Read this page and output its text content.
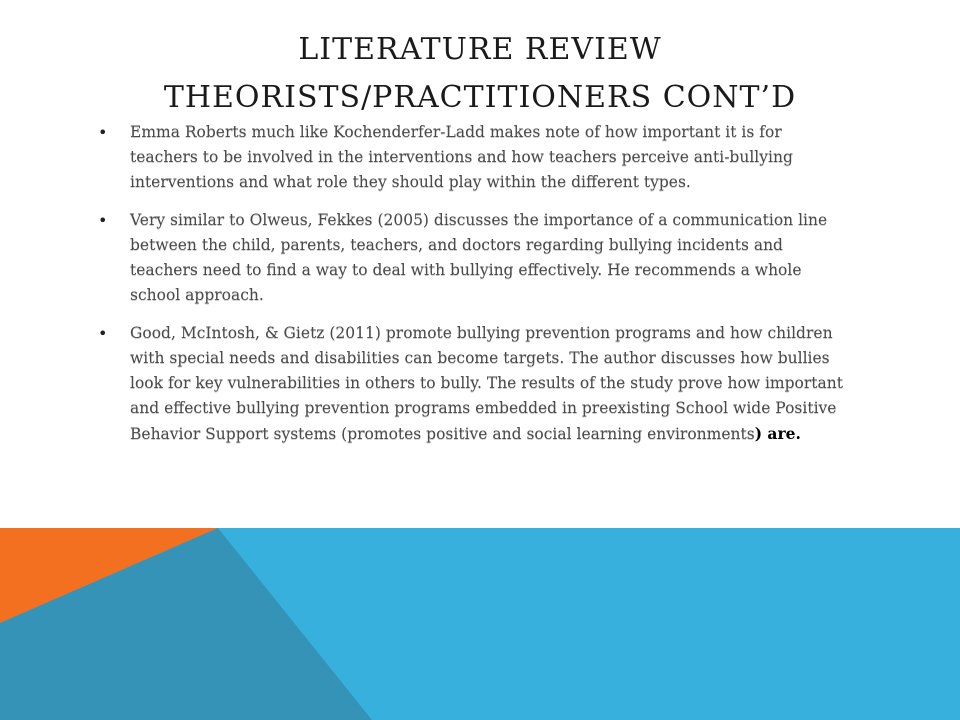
LITERATURE REVIEW
THEORISTS/PRACTITIONERS CONT’D
• Emma Roberts much like Kochenderfer-Ladd makes note of how important it is for teachers to be involved in the interventions and how teachers perceive anti-bullying interventions and what role they should play within the different types.
• Very similar to Olweus, Fekkes (2005) discusses the importance of a communication line between the child, parents, teachers, and doctors regarding bullying incidents and teachers need to find a way to deal with bullying effectively. He recommends a whole school approach.
• Good, McIntosh, & Gietz (2011) promote bullying prevention programs and how children with special needs and disabilities can become targets. The author discusses how bullies look for key vulnerabilities in others to bully. The results of the study prove how important and effective bullying prevention programs embedded in preexisting School wide Positive Behavior Support systems (promotes positive and social learning environments) are.
